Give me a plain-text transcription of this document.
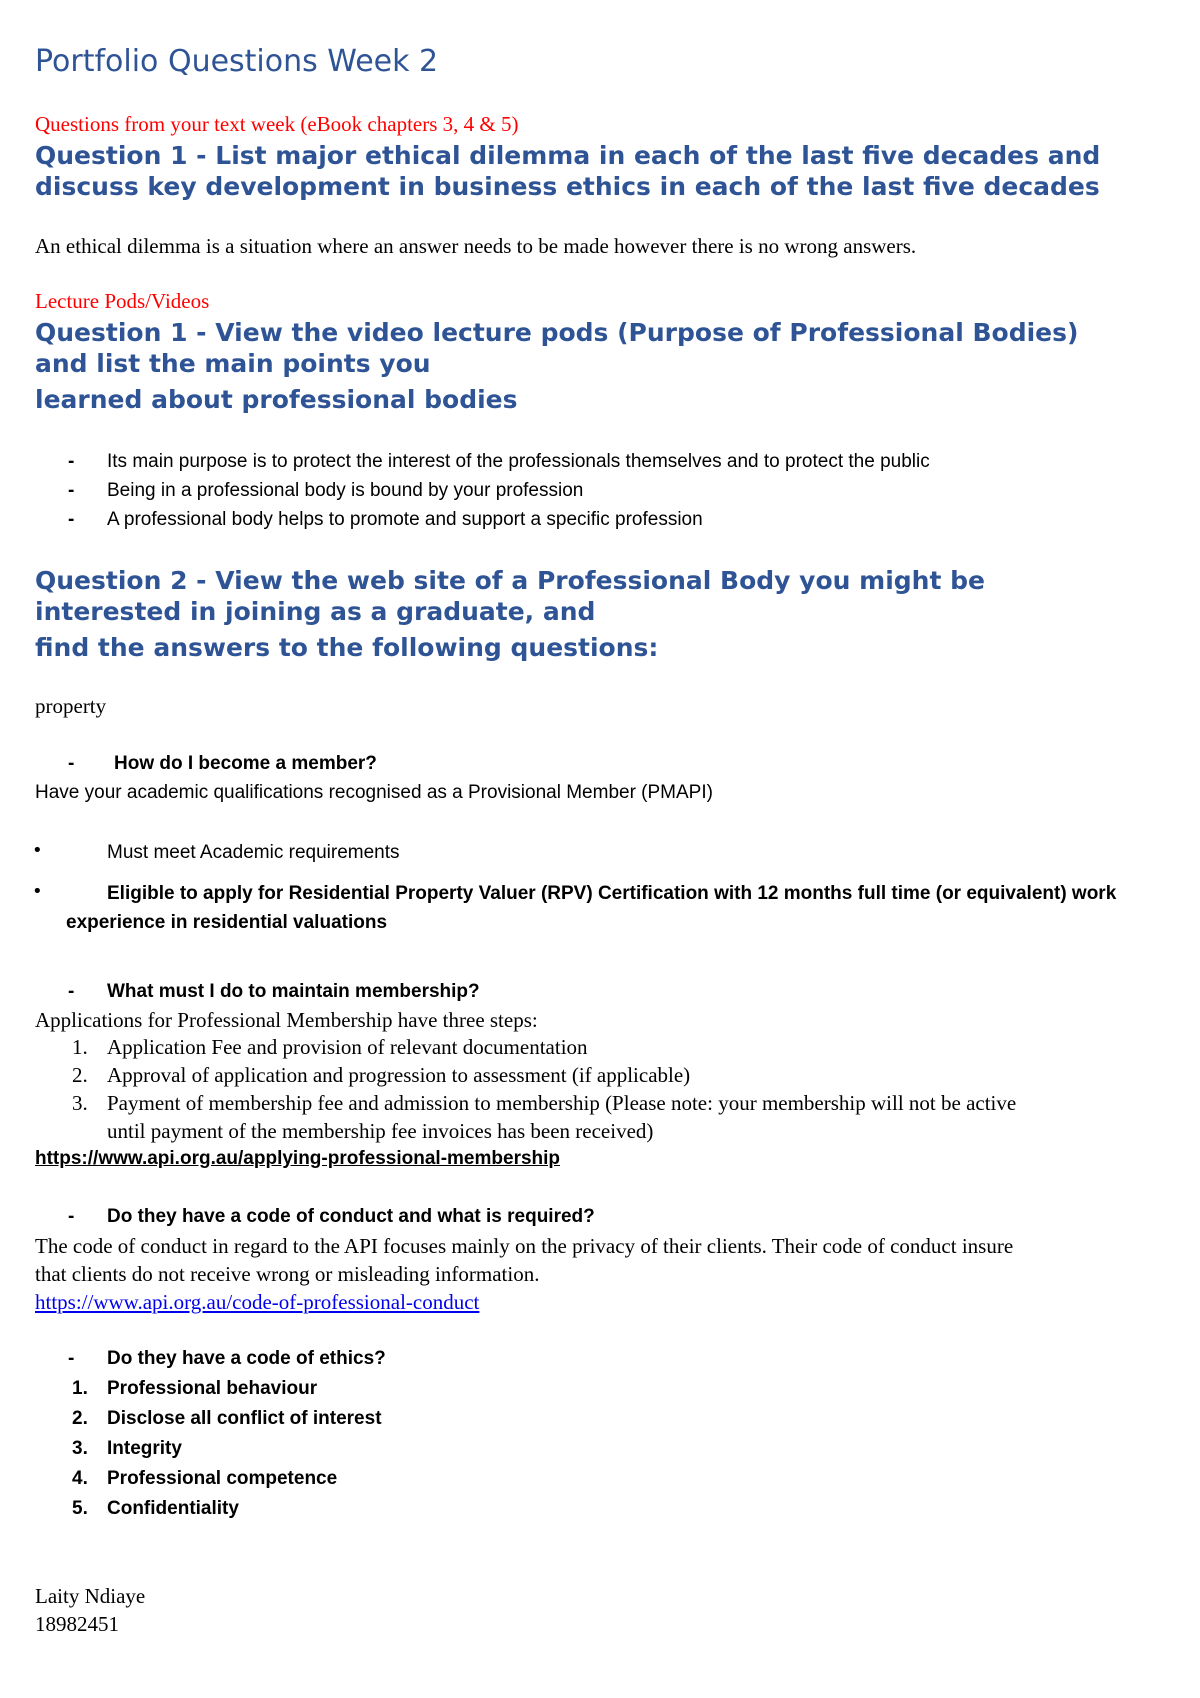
Portfolio Questions Week 2
Questions from your text week (eBook chapters 3, 4 & 5)
Question 1 - List major ethical dilemma in each of the last five decades and
discuss key development in business ethics in each of the last five decades
An ethical dilemma is a situation where an answer needs to be made however there is no wrong answers.
Lecture Pods/Videos
Question 1 - View the video lecture pods (Purpose of Professional Bodies)
and list the main points you
learned about professional bodies
- Its main purpose is to protect the interest of the professionals themselves and to protect the public
- Being in a professional body is bound by your profession
- A professional body helps to promote and support a specific profession
Question 2 - View the web site of a Professional Body you might be
interested in joining as a graduate, and
find the answers to the following questions:
property
- How do I become a member?
Have your academic qualifications recognised as a Provisional Member (PMAPI)
•	Must meet Academic requirements
•	Eligible to apply for Residential Property Valuer (RPV) Certification with 12 months full time (or equivalent) work
experience in residential valuations
- What must I do to maintain membership?
Applications for Professional Membership have three steps:
1. Application Fee and provision of relevant documentation
2. Approval of application and progression to assessment (if applicable)
3. Payment of membership fee and admission to membership (Please note: your membership will not be active
until payment of the membership fee invoices has been received)
https://www.api.org.au/applying-professional-membership
- Do they have a code of conduct and what is required?
The code of conduct in regard to the API focuses mainly on the privacy of their clients. Their code of conduct insure
that clients do not receive wrong or misleading information.
https://www.api.org.au/code-of-professional-conduct
- Do they have a code of ethics?
1. Professional behaviour
2. Disclose all conflict of interest
3. Integrity
4. Professional competence
5. Confidentiality
Laity Ndiaye
18982451
